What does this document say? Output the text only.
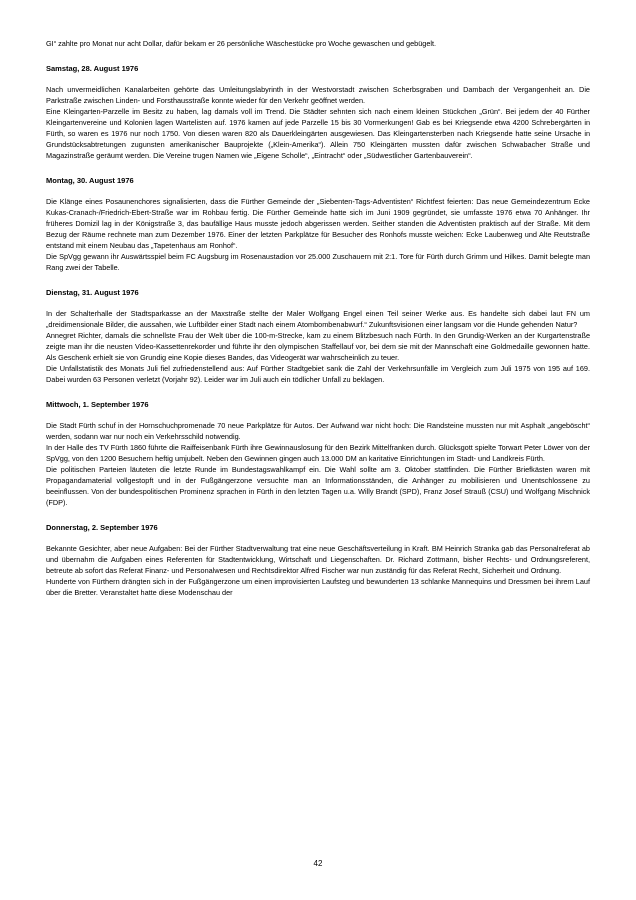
GI“ zahlte pro Monat nur acht Dollar, dafür bekam er 26 persönliche Wäschestücke pro Woche gewaschen und gebügelt.

Samstag, 28. August 1976

Nach unvermeidlichen Kanalarbeiten gehörte das Umleitungslabyrinth in der Westvorstadt zwischen Scherbsgraben und Dambach der Vergangenheit an. Die Parkstraße zwischen Linden- und Forsthausstraße konnte wieder für den Verkehr geöffnet werden.

Eine Kleingarten-Parzelle im Besitz zu haben, lag damals voll im Trend. Die Städter sehnten sich nach einem kleinen Stückchen „Grün“. Bei jedem der 40 Fürther Kleingartenvereine und Kolonien lagen Wartelisten auf. 1976 kamen auf jede Parzelle 15 bis 30 Vormerkungen! Gab es bei Kriegsende etwa 4200 Schrebergärten in Fürth, so waren es 1976 nur noch 1750. Von diesen waren 820 als Dauerkleingärten ausgewiesen. Das Kleingartensterben nach Kriegsende hatte seine Ursache in Grundstücksabtretungen zugunsten amerikanischer Bauprojekte („Klein-Amerika“). Allein 750 Kleingärten mussten dafür zwischen Schwabacher Straße und Magazinstraße geräumt werden. Die Vereine trugen Namen wie „Eigene Scholle“, „Eintracht“ oder „Südwestlicher Gartenbauverein“.

Montag, 30. August 1976

Die Klänge eines Posaunenchores signalisierten, dass die Fürther Gemeinde der „Siebenten-Tags-Adventisten“ Richtfest feierten: Das neue Gemeindezentrum Ecke Kukas-Cranach-/Friedrich-Ebert-Straße war im Rohbau fertig. Die Fürther Gemeinde hatte sich im Juni 1909 gegründet, sie umfasste 1976 etwa 70 Anhänger. Ihr früheres Domizil lag in der Königstraße 3, das baufällige Haus musste jedoch abgerissen werden. Seither standen die Adventisten praktisch auf der Straße. Mit dem Bezug der Räume rechnete man zum Dezember 1976. Einer der letzten Parkplätze für Besucher des Ronhofs musste weichen: Ecke Laubenweg und Alte Reutstraße entstand mit einem Neubau das „Tapetenhaus am Ronhof“.

Die SpVgg gewann ihr Auswärtsspiel beim FC Augsburg im Rosenaustadion vor 25.000 Zuschauern mit 2:1. Tore für Fürth durch Grimm und Hilkes. Damit belegte man Rang zwei der Tabelle.

Dienstag, 31. August 1976

In der Schalterhalle der Stadtsparkasse an der Maxstraße stellte der Maler Wolfgang Engel einen Teil seiner Werke aus. Es handelte sich dabei laut FN um „dreidimensionale Bilder, die aussahen, wie Luftbilder einer Stadt nach einem Atombombenabwurf.“ Zukunftsvisionen einer langsam vor die Hunde gehenden Natur?

Annegret Richter, damals die schnellste Frau der Welt über die 100-m-Strecke, kam zu einem Blitzbesuch nach Fürth. In den Grundig-Werken an der Kurgartenstraße zeigte man ihr die neusten Video-Kassettenrekorder und führte ihr den olympischen Staffellauf vor, bei dem sie mit der Mannschaft eine Goldmedaille gewonnen hatte. Als Geschenk erhielt sie von Grundig eine Kopie dieses Bandes, das Videogerät war wahrscheinlich zu teuer.

Die Unfallstatistik des Monats Juli fiel zufriedenstellend aus: Auf Fürther Stadtgebiet sank die Zahl der Verkehrsunfälle im Vergleich zum Juli 1975 von 195 auf 169. Dabei wurden 63 Personen verletzt (Vorjahr 92). Leider war im Juli auch ein tödlicher Unfall zu beklagen.

Mittwoch, 1. September 1976

Die Stadt Fürth schuf in der Hornschuchpromenade 70 neue Parkplätze für Autos. Der Aufwand war nicht hoch: Die Randsteine mussten nur mit Asphalt „angeböscht“ werden, sodann war nur noch ein Verkehrsschild notwendig.

In der Halle des TV Fürth 1860 führte die Raiffeisenbank Fürth ihre Gewinnauslosung für den Bezirk Mittelfranken durch. Glücksgott spielte Torwart Peter Löwer von der SpVgg, von den 1200 Besuchern heftig umjubelt. Neben den Gewinnen gingen auch 13.000 DM an karitative Einrichtungen im Stadt- und Landkreis Fürth.

Die politischen Parteien läuteten die letzte Runde im Bundestagswahlkampf ein. Die Wahl sollte am 3. Oktober stattfinden. Die Fürther Briefkästen waren mit Propagandamaterial vollgestopft und in der Fußgängerzone versuchte man an Informationsständen, die Anhänger zu mobilisieren und Unentschlossene zu beeinflussen. Von der bundespolitischen Prominenz sprachen in Fürth in den letzten Tagen u.a. Willy Brandt (SPD), Franz Josef Strauß (CSU) und Wolfgang Mischnick (FDP).

Donnerstag, 2. September 1976

Bekannte Gesichter, aber neue Aufgaben: Bei der Fürther Stadtverwaltung trat eine neue Geschäftsverteilung in Kraft. BM Heinrich Stranka gab das Personalreferat ab und übernahm die Aufgaben eines Referenten für Stadtentwicklung, Wirtschaft und Liegenschaften. Dr. Richard Zottmann, bisher Rechts- und Ordnungsreferent, betreute ab sofort das Referat Finanz- und Personalwesen und Rechtsdirektor Alfred Fischer war nun zuständig für das Referat Recht, Sicherheit und Ordnung.

Hunderte von Fürthern drängten sich in der Fußgängerzone um einen improvisierten Laufsteg und bewunderten 13 schlanke Mannequins und Dressmen bei ihrem Lauf über die Bretter. Veranstaltet hatte diese Modenschau der

42
